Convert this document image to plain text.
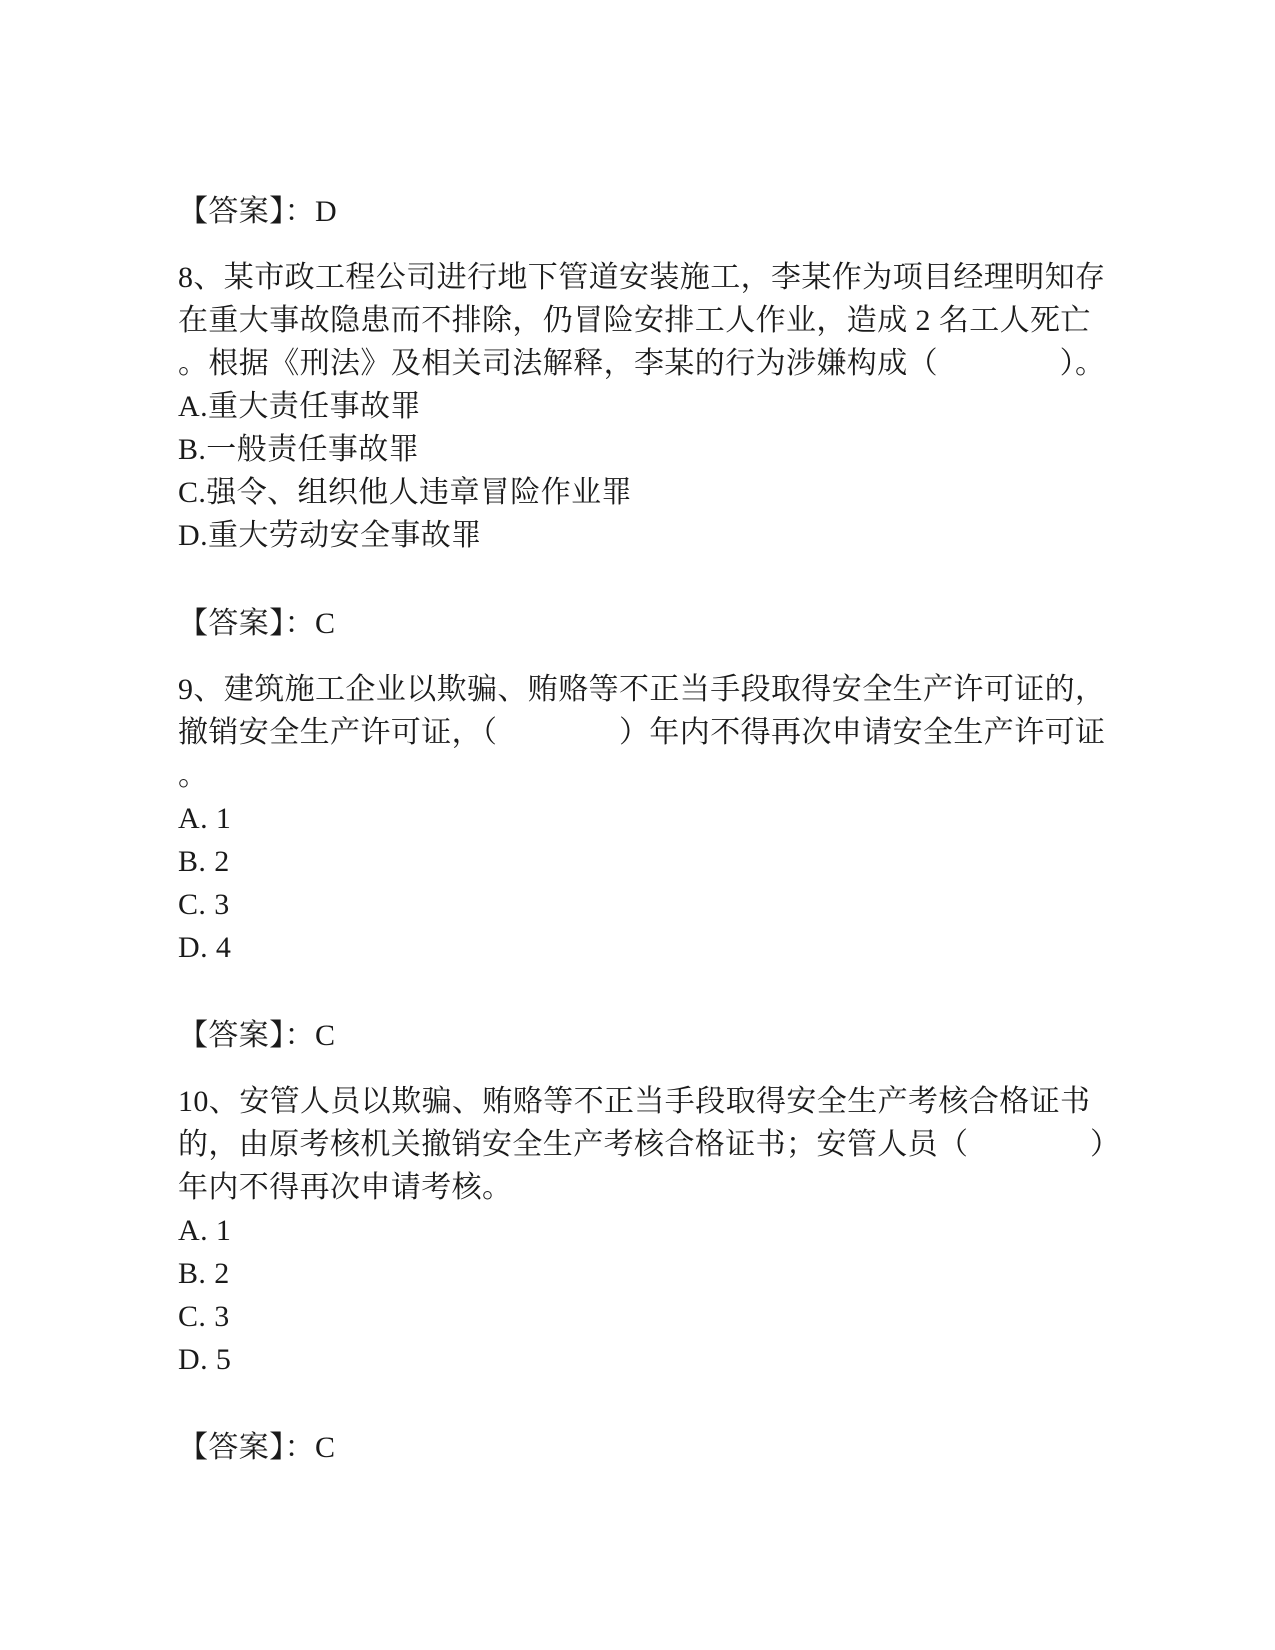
【答案】：D

8、某市政工程公司进行地下管道安装施工，李某作为项目经理明知存

在重大事故隐患而不排除，仍冒险安排工人作业，造成 2 名工人死亡

。根据《刑法》及相关司法解释，李某的行为涉嫌构成（　　　　）。

A.重大责任事故罪

B.一般责任事故罪

C.强令、组织他人违章冒险作业罪

D.重大劳动安全事故罪

【答案】：C

9、建筑施工企业以欺骗、贿赂等不正当手段取得安全生产许可证的，

撤销安全生产许可证，（　　　　）年内不得再次申请安全生产许可证

。

A. 1

B. 2

C. 3

D. 4

【答案】：C

10、安管人员以欺骗、贿赂等不正当手段取得安全生产考核合格证书

的，由原考核机关撤销安全生产考核合格证书；安管人员（　　　　）

年内不得再次申请考核。

A. 1

B. 2

C. 3

D. 5

【答案】：C
